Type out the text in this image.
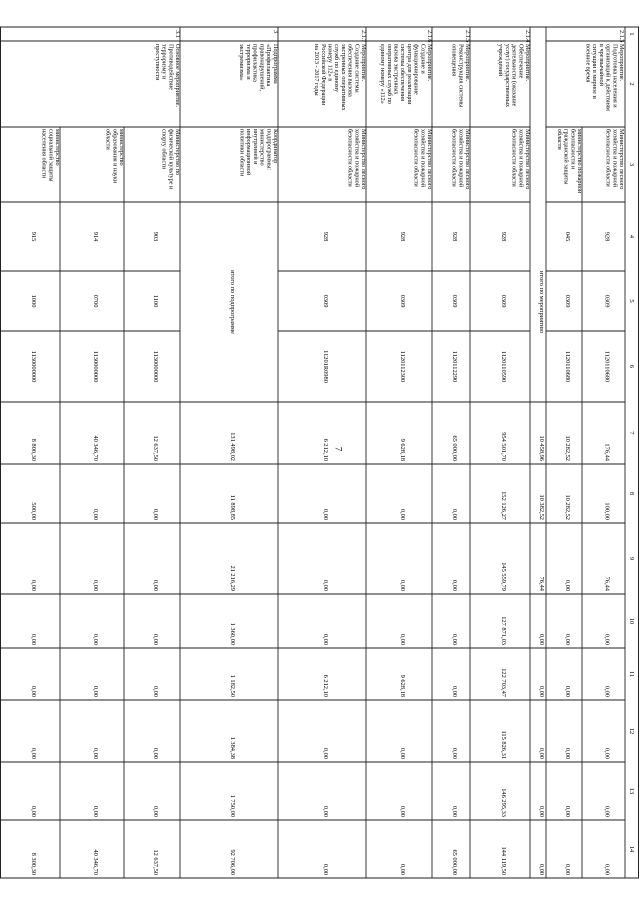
7
1
2
3
4
5
6
7
8
9
10
11
12
13
14
2.1.3
Мероприятие.
Подготовка населения и
организаций к действиям
в чрезвычайной
ситуации в мирное и
военное время
Министерство лесного
хозяйства и пожарной
безопасности области
928
0309
1120110680
176,44
100,00
76,44
0,00
0,00
0,00
0,00
0,00
министерство пожарной
безопасности и
гражданской защиты
области
045
0309
1120110680
10 282,52
10 282,52
0,00
0,00
0,00
0,00
0,00
0,00
итого по мероприятию
10 458,96
10 382,52
76,44
0,00
0,00
0,00
0,00
0,00
2.1.4
Мероприятие.
Обеспечение
деятельности (оказание
услуг) государственных
учреждений
Министерство лесного
хозяйства и пожарной
безопасности области
928
0309
1120110590
954 501,70
152 126,27
145 559,79
127 871,03
122 703,47
115 826,31
146 295,33
144 119,50
2.1.5
Мероприятие.
Реконструкция системы
оповещения
Министерство лесного
хозяйства и пожарной
безопасности области
928
0309
1120112290
65 000,00
0,00
0,00
0,00
0,00
0,00
0,00
65 000,00
2.1.6
Мероприятие.
Создание и
функционирование
центра для реализации
системы обеспечения
вызова экстренных
оперативных служб по
единому номеру «112»
Министерство лесного
хозяйства и пожарной
безопасности области
928
0309
1120112300
9 628,18
0,00
0,00
0,00
9 628,18
0,00
0,00
0,00
2.1.7
Мероприятие.
Создание системы
обеспечения вызова
экстренных оперативных
служб по единому
номеру 112» в
Российской Федерации
на 2013 - 2017 годы
Министерство лесного
хозяйства и пожарной
безопасности области
928
0309
11201R0980
6 212,10
0,00
0,00
0,00
6 212,10
0,00
0,00
0,00
3
Подпрограмма
«Профилактика
правонарушений,
профилактика
терроризма и
экстремизма»
Координатор
подпрограммы:
министерство
внутренней и
информационной
политики области
итого по подпрограмме
131 498,02
11 898,85
21 216,29
1 360,00
1 182,50
1 384,38
1 750,00
92 706,00
3.1
Основное мероприятие.
Противодействие
терроризму и
преступности
Министерство по
физической культуре и
спорту области
903
1100
1130000000
12 637,50
0,00
0,00
0,00
0,00
0,00
0,00
12 637,50
министерство
образования и науки
области
914
0700
1130000000
40 346,70
0,00
0,00
0,00
0,00
0,00
0,00
40 346,70
министерство
социальной защиты
населения области
915
1000
1130000000
8 800,30
500,00
0,00
0,00
0,00
0,00
0,00
8 300,30
